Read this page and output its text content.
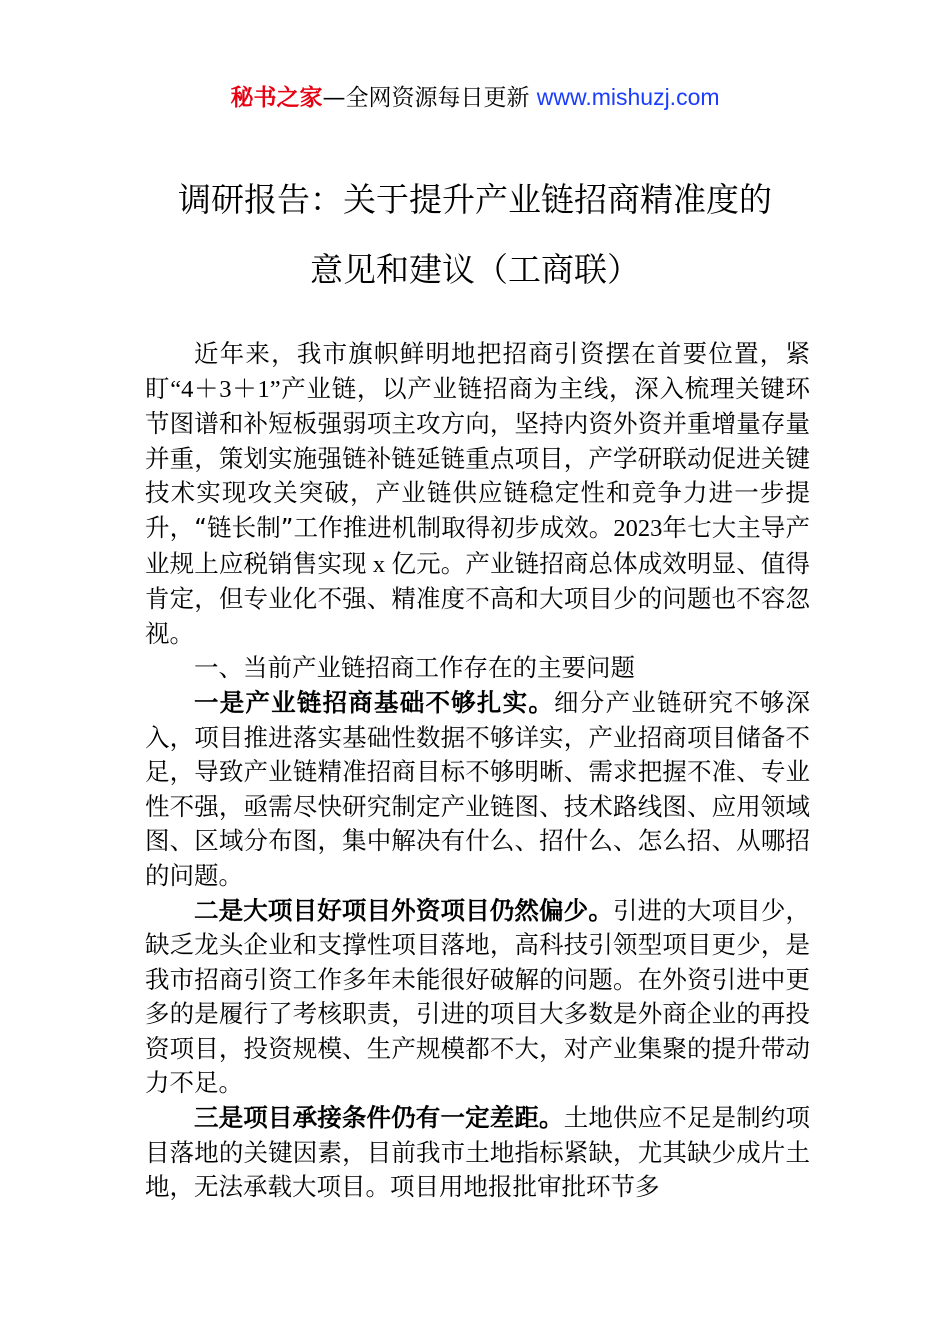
秘书之家—全网资源每日更新 www.mishuzj.com
调研报告：关于提升产业链招商精准度的
意见和建议（工商联）

近年来，我市旗帜鲜明地把招商引资摆在首要位置，紧盯“4＋3＋1”产业链，以产业链招商为主线，深入梳理关键环节图谱和补短板强弱项主攻方向，坚持内资外资并重增量存量并重，策划实施强链补链延链重点项目，产学研联动促进关键技术实现攻关突破，产业链供应链稳定性和竞争力进一步提升，“链长制”工作推进机制取得初步成效。2023年七大主导产业规上应税销售实现 x 亿元。产业链招商总体成效明显、值得肯定，但专业化不强、精准度不高和大项目少的问题也不容忽视。

一、当前产业链招商工作存在的主要问题

一是产业链招商基础不够扎实。细分产业链研究不够深入，项目推进落实基础性数据不够详实，产业招商项目储备不足，导致产业链精准招商目标不够明晰、需求把握不准、专业性不强，亟需尽快研究制定产业链图、技术路线图、应用领域图、区域分布图，集中解决有什么、招什么、怎么招、从哪招的问题。

二是大项目好项目外资项目仍然偏少。引进的大项目少，缺乏龙头企业和支撑性项目落地，高科技引领型项目更少，是我市招商引资工作多年未能很好破解的问题。在外资引进中更多的是履行了考核职责，引进的项目大多数是外商企业的再投资项目，投资规模、生产规模都不大，对产业集聚的提升带动力不足。

三是项目承接条件仍有一定差距。土地供应不足是制约项目落地的关键因素，目前我市土地指标紧缺，尤其缺少成片土地，无法承载大项目。项目用地报批审批环节多
